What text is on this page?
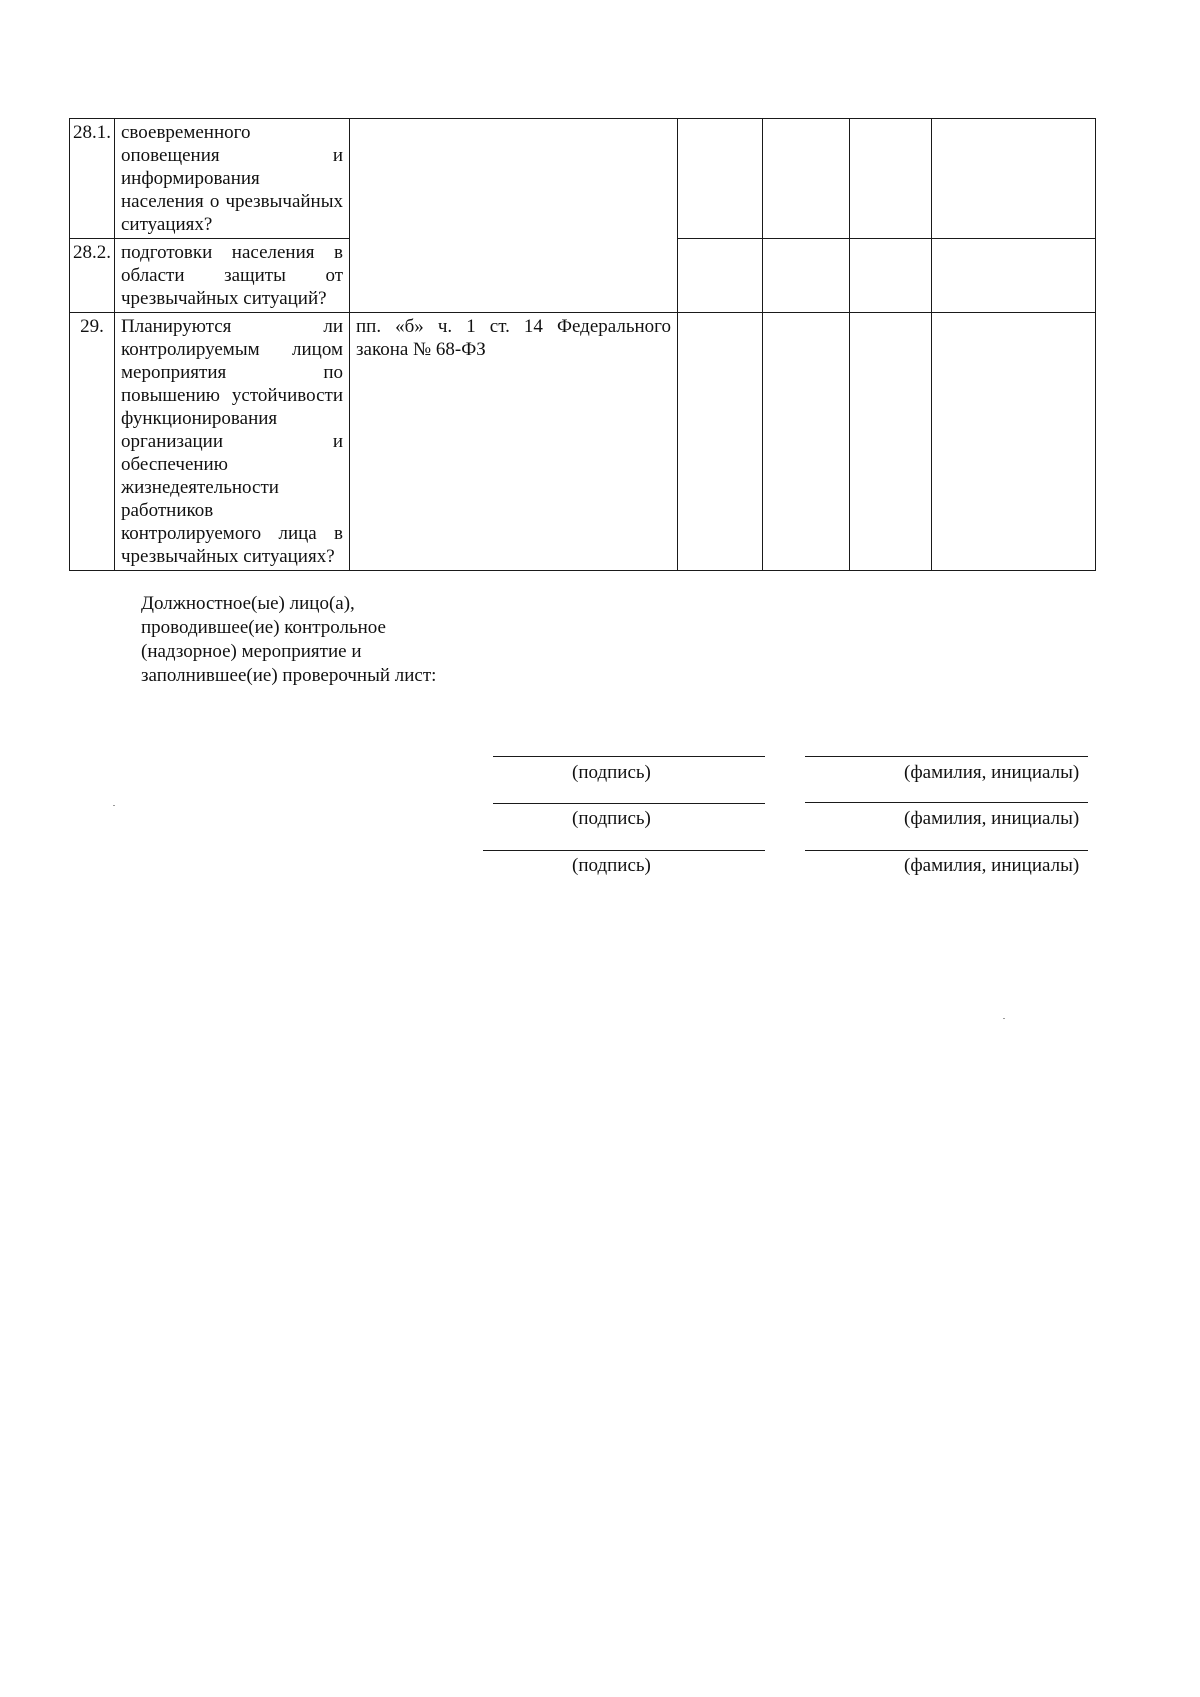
28.1.	своевременного оповещения и информирования населения о чрезвычайных ситуациях?					
28.2.	подготовки населения в области защиты от чрезвычайных ситуаций?					
29.	Планируются ли контролируемым лицом мероприятия по повышению устойчивости функционирования организации и обеспечению жизнедеятельности работников контролируемого лица в чрезвычайных ситуациях?	пп. «б» ч. 1 ст. 14 Федерального закона № 68-ФЗ				
Должностное(ые) лицо(а),
проводившее(ие) контрольное
(надзорное) мероприятие и
заполнившее(ие) проверочный лист:
(подпись)	(фамилия, инициалы)
(подпись)	(фамилия, инициалы)
(подпись)	(фамилия, инициалы)
